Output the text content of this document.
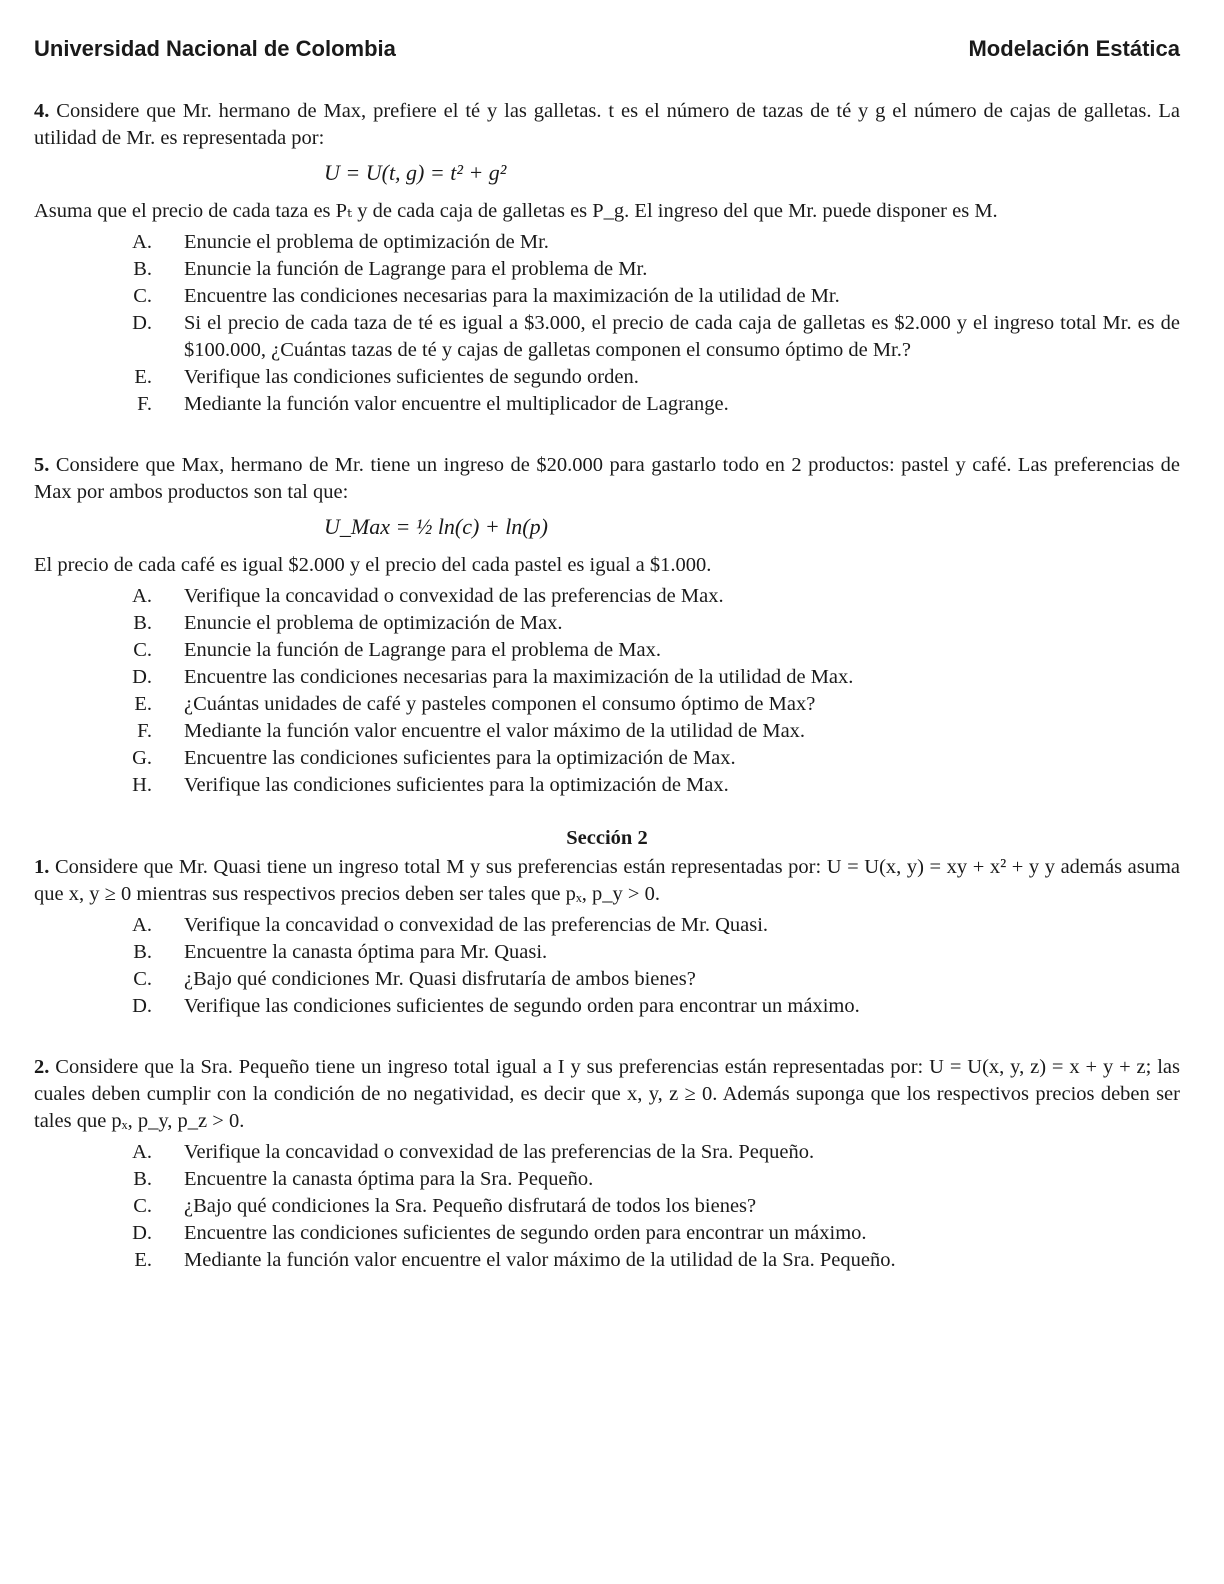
Universidad Nacional de Colombia	Modelación Estática

4. Considere que Mr. hermano de Max, prefiere el té y las galletas. t es el número de tazas de té y g el número de cajas de galletas. La utilidad de Mr. es representada por:

U = U(t, g) = t² + g²

Asuma que el precio de cada taza es Pₜ y de cada caja de galletas es P_g. El ingreso del que Mr. puede disponer es M.

A.	Enuncie el problema de optimización de Mr.
B.	Enuncie la función de Lagrange para el problema de Mr.
C.	Encuentre las condiciones necesarias para la maximización de la utilidad de Mr.
D.	Si el precio de cada taza de té es igual a $3.000, el precio de cada caja de galletas es $2.000 y el ingreso total Mr. es de $100.000, ¿Cuántas tazas de té y cajas de galletas componen el consumo óptimo de Mr.?
E.	Verifique las condiciones suficientes de segundo orden.
F.	Mediante la función valor encuentre el multiplicador de Lagrange.

5. Considere que Max, hermano de Mr. tiene un ingreso de $20.000 para gastarlo todo en 2 productos: pastel y café. Las preferencias de Max por ambos productos son tal que:

U_Max = ½ ln(c) + ln(p)

El precio de cada café es igual $2.000 y el precio del cada pastel es igual a $1.000.

A.	Verifique la concavidad o convexidad de las preferencias de Max.
B.	Enuncie el problema de optimización de Max.
C.	Enuncie la función de Lagrange para el problema de Max.
D.	Encuentre las condiciones necesarias para la maximización de la utilidad de Max.
E.	¿Cuántas unidades de café y pasteles componen el consumo óptimo de Max?
F.	Mediante la función valor encuentre el valor máximo de la utilidad de Max.
G.	Encuentre las condiciones suficientes para la optimización de Max.
H.	Verifique las condiciones suficientes para la optimización de Max.
Sección 2

1. Considere que Mr. Quasi tiene un ingreso total M y sus preferencias están representadas por: U = U(x, y) = xy + x² + y y además asuma que x, y ≥ 0 mientras sus respectivos precios deben ser tales que pₓ, p_y > 0.

A.	Verifique la concavidad o convexidad de las preferencias de Mr. Quasi.
B.	Encuentre la canasta óptima para Mr. Quasi.
C.	¿Bajo qué condiciones Mr. Quasi disfrutaría de ambos bienes?
D.	Verifique las condiciones suficientes de segundo orden para encontrar un máximo.

2. Considere que la Sra. Pequeño tiene un ingreso total igual a I y sus preferencias están representadas por: U = U(x, y, z) = x + y + z; las cuales deben cumplir con la condición de no negatividad, es decir que x, y, z ≥ 0. Además suponga que los respectivos precios deben ser tales que pₓ, p_y, p_z > 0.

A.	Verifique la concavidad o convexidad de las preferencias de la Sra. Pequeño.
B.	Encuentre la canasta óptima para la Sra. Pequeño.
C.	¿Bajo qué condiciones la Sra. Pequeño disfrutará de todos los bienes?
D.	Encuentre las condiciones suficientes de segundo orden para encontrar un máximo.
E.	Mediante la función valor encuentre el valor máximo de la utilidad de la Sra. Pequeño.
